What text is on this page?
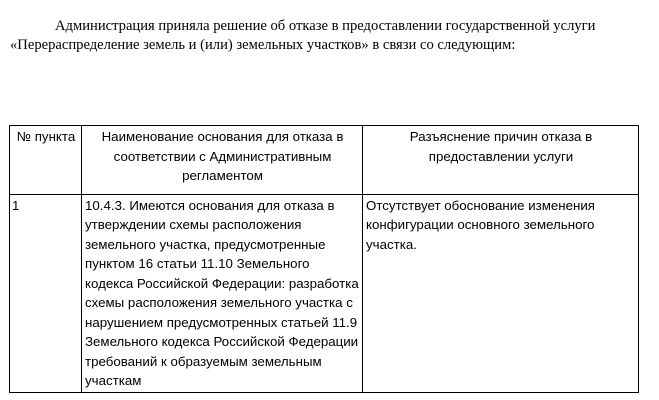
Администрация приняла решение об отказе в предоставлении государственной услуги «Перераспределение земель и (или) земельных участков» в связи со следующим:

№ пункта	Наименование основания для отказа в соответствии с Административным регламентом	Разъяснение причин отказа в предоставлении услуги
1	10.4.3. Имеются основания для отказа в утверждении схемы расположения земельного участка, предусмотренные пунктом 16 статьи 11.10 Земельного кодекса Российской Федерации: разработка схемы расположения земельного участка с нарушением предусмотренных статьей 11.9 Земельного кодекса Российской Федерации требований к образуемым земельным участкам	Отсутствует обоснование изменения конфигурации основного земельного участка.
